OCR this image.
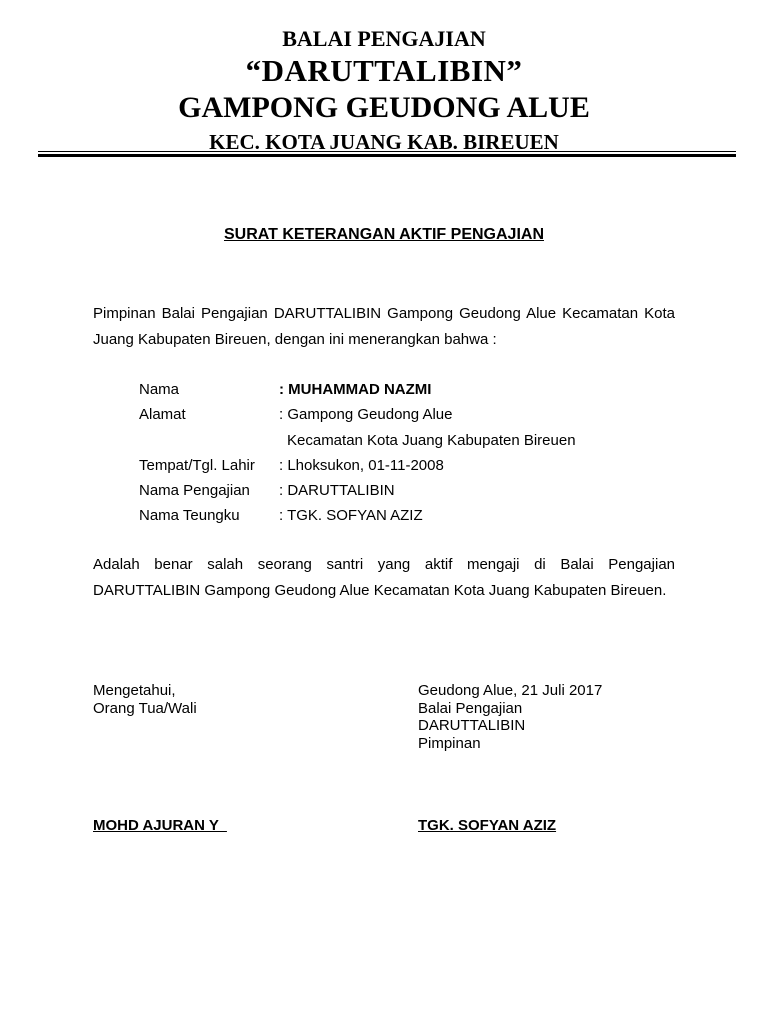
BALAI PENGAJIAN
“DARUTTALIBIN”
GAMPONG GEUDONG ALUE
KEC. KOTA JUANG KAB. BIREUEN
SURAT KETERANGAN AKTIF PENGAJIAN
Pimpinan Balai Pengajian DARUTTALIBIN Gampong Geudong Alue Kecamatan Kota Juang Kabupaten Bireuen, dengan ini menerangkan bahwa :
Nama	: MUHAMMAD NAZMI
Alamat	: Gampong Geudong Alue
Kecamatan Kota Juang Kabupaten Bireuen
Tempat/Tgl. Lahir	: Lhoksukon, 01-11-2008
Nama Pengajian	: DARUTTALIBIN
Nama Teungku	: TGK. SOFYAN AZIZ
Adalah benar salah seorang santri yang aktif mengaji di Balai Pengajian DARUTTALIBIN Gampong Geudong Alue Kecamatan Kota Juang Kabupaten Bireuen.
Mengetahui,
Orang Tua/Wali
Geudong Alue, 21 Juli 2017
Balai Pengajian
DARUTTALIBIN
Pimpinan
MOHD AJURAN Y	TGK. SOFYAN AZIZ
